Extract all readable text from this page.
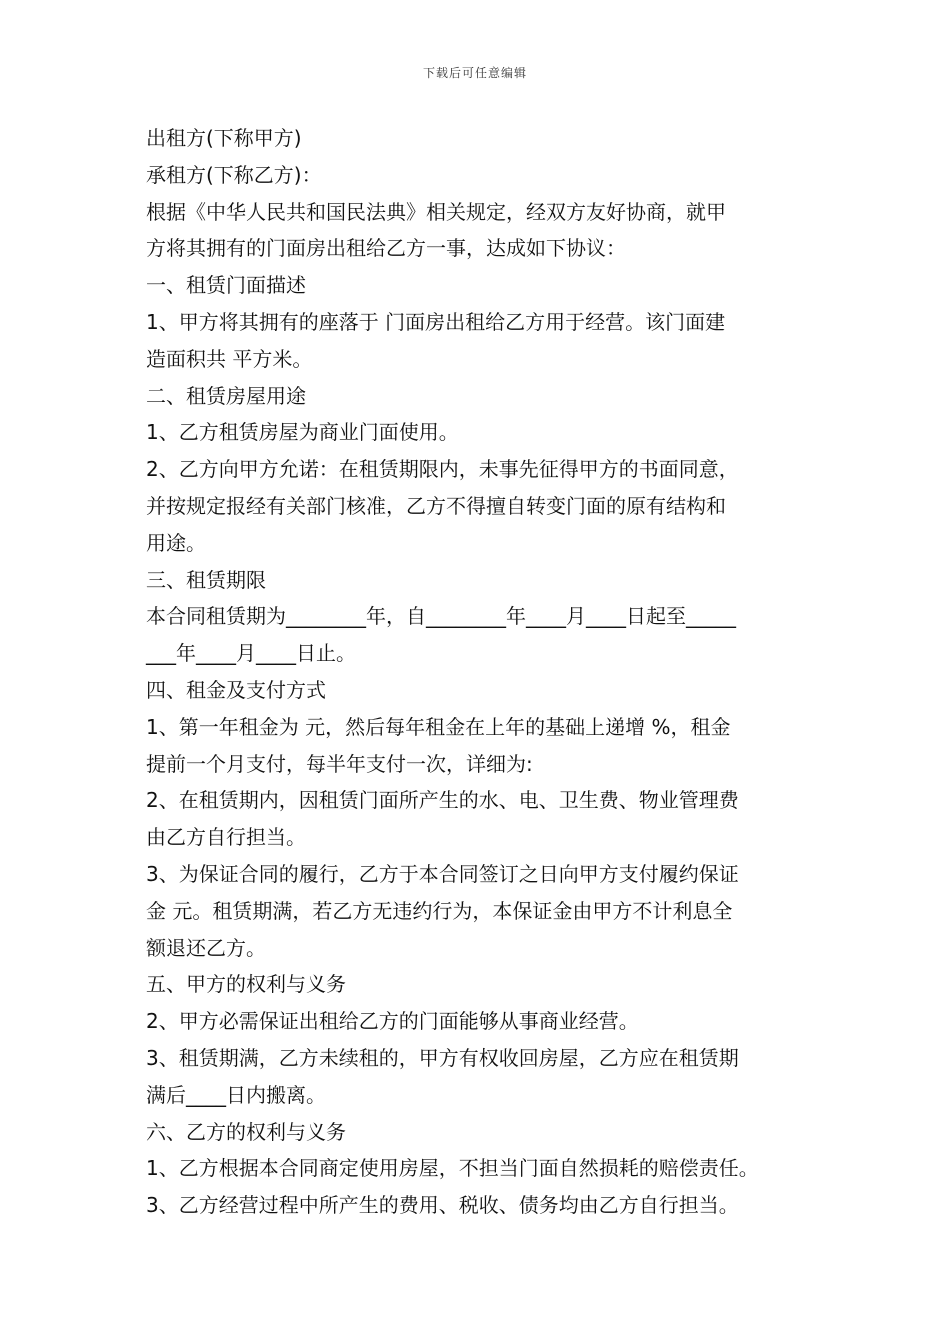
下载后可任意编辑
出租方(下称甲方)
承租方(下称乙方)：
根据《中华人民共和国民法典》相关规定，经双方友好协商，就甲
方将其拥有的门面房出租给乙方一事，达成如下协议：
一、租赁门面描述
1、甲方将其拥有的座落于 门面房出租给乙方用于经营。该门面建
造面积共 平方米。
二、租赁房屋用途
1、乙方租赁房屋为商业门面使用。
2、乙方向甲方允诺：在租赁期限内，未事先征得甲方的书面同意，
并按规定报经有关部门核准，乙方不得擅自转变门面的原有结构和
用途。
三、租赁期限
本合同租赁期为________年，自________年____月____日起至_____
___年____月____日止。
四、租金及支付方式
1、第一年租金为 元，然后每年租金在上年的基础上递增 %，租金
提前一个月支付，每半年支付一次，详细为:
2、在租赁期内，因租赁门面所产生的水、电、卫生费、物业管理费
由乙方自行担当。
3、为保证合同的履行，乙方于本合同签订之日向甲方支付履约保证
金 元。租赁期满，若乙方无违约行为，本保证金由甲方不计利息全
额退还乙方。
五、甲方的权利与义务
2、甲方必需保证出租给乙方的门面能够从事商业经营。
3、租赁期满，乙方未续租的，甲方有权收回房屋，乙方应在租赁期
满后____日内搬离。
六、乙方的权利与义务
1、乙方根据本合同商定使用房屋，不担当门面自然损耗的赔偿责任。
3、乙方经营过程中所产生的费用、税收、债务均由乙方自行担当。
